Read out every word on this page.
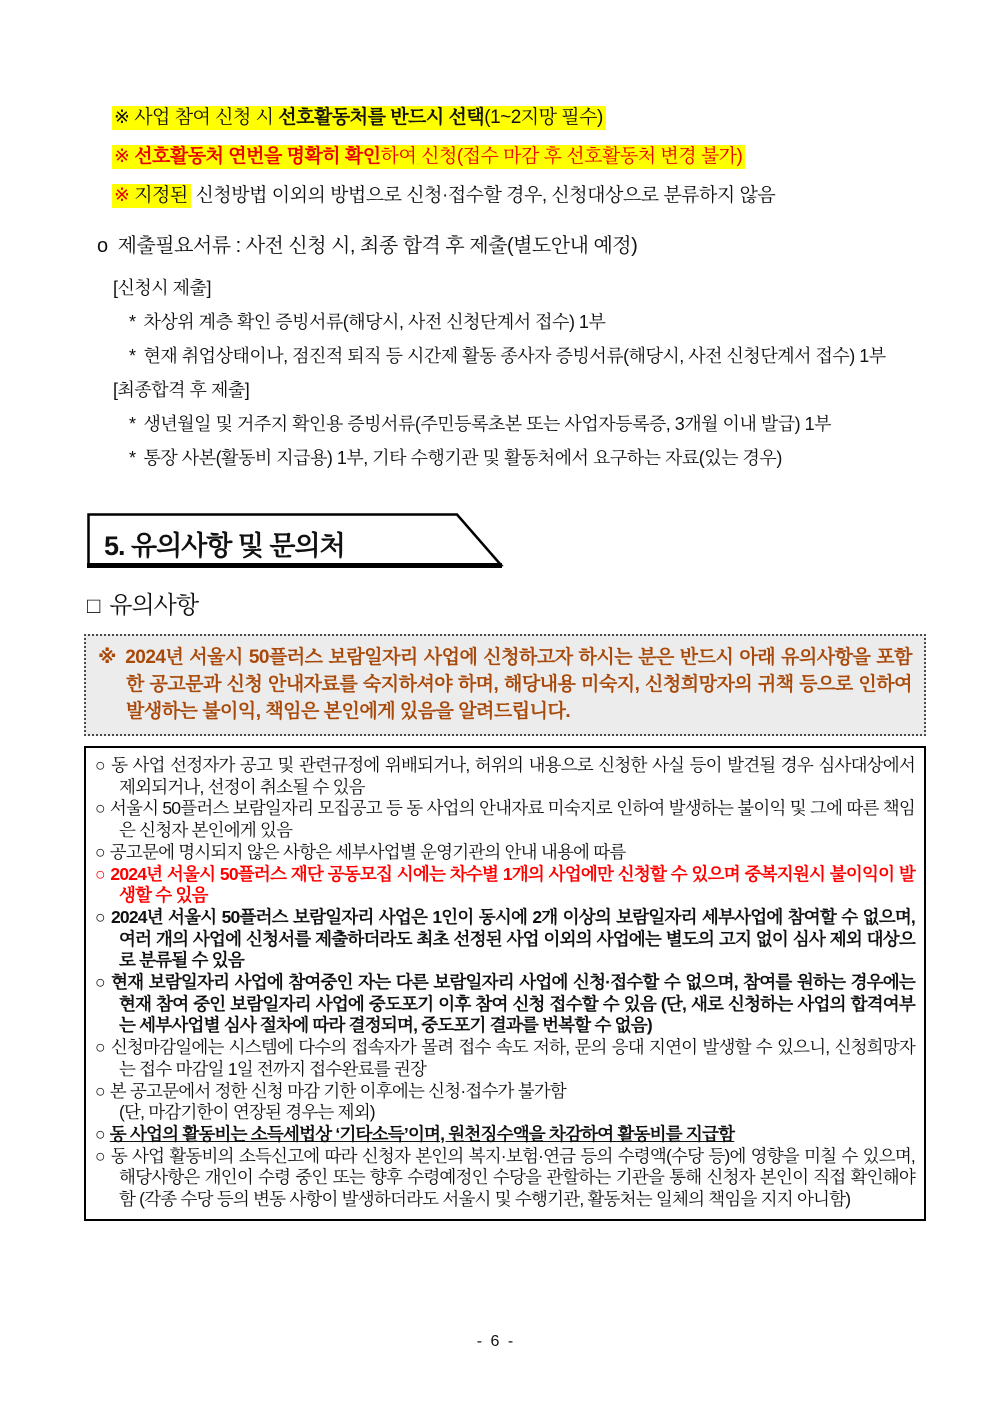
※ 사업 참여 신청 시 선호활동처를 반드시 선택(1~2지망 필수)
※ 선호활동처 연번을 명확히 확인하여 신청(접수 마감 후 선호활동처 변경 불가)
※ 지정된 신청방법 이외의 방법으로 신청·접수할 경우, 신청대상으로 분류하지 않음
o 제출필요서류 : 사전 신청 시, 최종 합격 후 제출(별도안내 예정)
[신청시 제출]
* 차상위 계층 확인 증빙서류(해당시, 사전 신청단계서 접수) 1부
* 현재 취업상태이나, 점진적 퇴직 등 시간제 활동 종사자 증빙서류(해당시, 사전 신청단계서 접수) 1부
[최종합격 후 제출]
* 생년월일 및 거주지 확인용 증빙서류(주민등록초본 또는 사업자등록증, 3개월 이내 발급) 1부
* 통장 사본(활동비 지급용) 1부, 기타 수행기관 및 활동처에서 요구하는 자료(있는 경우)
5. 유의사항 및 문의처
□ 유의사항
※ 2024년 서울시 50플러스 보람일자리 사업에 신청하고자 하시는 분은 반드시 아래 유의사항을 포함한 공고문과 신청 안내자료를 숙지하셔야 하며, 해당내용 미숙지, 신청희망자의 귀책 등으로 인하여 발생하는 불이익, 책임은 본인에게 있음을 알려드립니다.
○ 동 사업 선정자가 공고 및 관련규정에 위배되거나, 허위의 내용으로 신청한 사실 등이 발견될 경우 심사대상에서 제외되거나, 선정이 취소될 수 있음
○ 서울시 50플러스 보람일자리 모집공고 등 동 사업의 안내자료 미숙지로 인하여 발생하는 불이익 및 그에 따른 책임은 신청자 본인에게 있음
○ 공고문에 명시되지 않은 사항은 세부사업별 운영기관의 안내 내용에 따름
○ 2024년 서울시 50플러스 재단 공동모집 시에는 차수별 1개의 사업에만 신청할 수 있으며 중복지원시 불이익이 발생할 수 있음
○ 2024년 서울시 50플러스 보람일자리 사업은 1인이 동시에 2개 이상의 보람일자리 세부사업에 참여할 수 없으며, 여러 개의 사업에 신청서를 제출하더라도 최초 선정된 사업 이외의 사업에는 별도의 고지 없이 심사 제외 대상으로 분류될 수 있음
○ 현재 보람일자리 사업에 참여중인 자는 다른 보람일자리 사업에 신청·접수할 수 없으며, 참여를 원하는 경우에는 현재 참여 중인 보람일자리 사업에 중도포기 이후 참여 신청 접수할 수 있음 (단, 새로 신청하는 사업의 합격여부는 세부사업별 심사 절차에 따라 결정되며, 중도포기 결과를 번복할 수 없음)
○ 신청마감일에는 시스템에 다수의 접속자가 몰려 접수 속도 저하, 문의 응대 지연이 발생할 수 있으니, 신청희망자는 접수 마감일 1일 전까지 접수완료를 권장
○ 본 공고문에서 정한 신청 마감 기한 이후에는 신청·접수가 불가함
(단, 마감기한이 연장된 경우는 제외)
○ 동 사업의 활동비는 소득세법상 ‘기타소득’이며, 원천징수액을 차감하여 활동비를 지급함
○ 동 사업 활동비의 소득신고에 따라 신청자 본인의 복지·보험·연금 등의 수령액(수당 등)에 영향을 미칠 수 있으며, 해당사항은 개인이 수령 중인 또는 향후 수령예정인 수당을 관할하는 기관을 통해 신청자 본인이 직접 확인해야 함 (각종 수당 등의 변동 사항이 발생하더라도 서울시 및 수행기관, 활동처는 일체의 책임을 지지 아니함)
- 6 -
